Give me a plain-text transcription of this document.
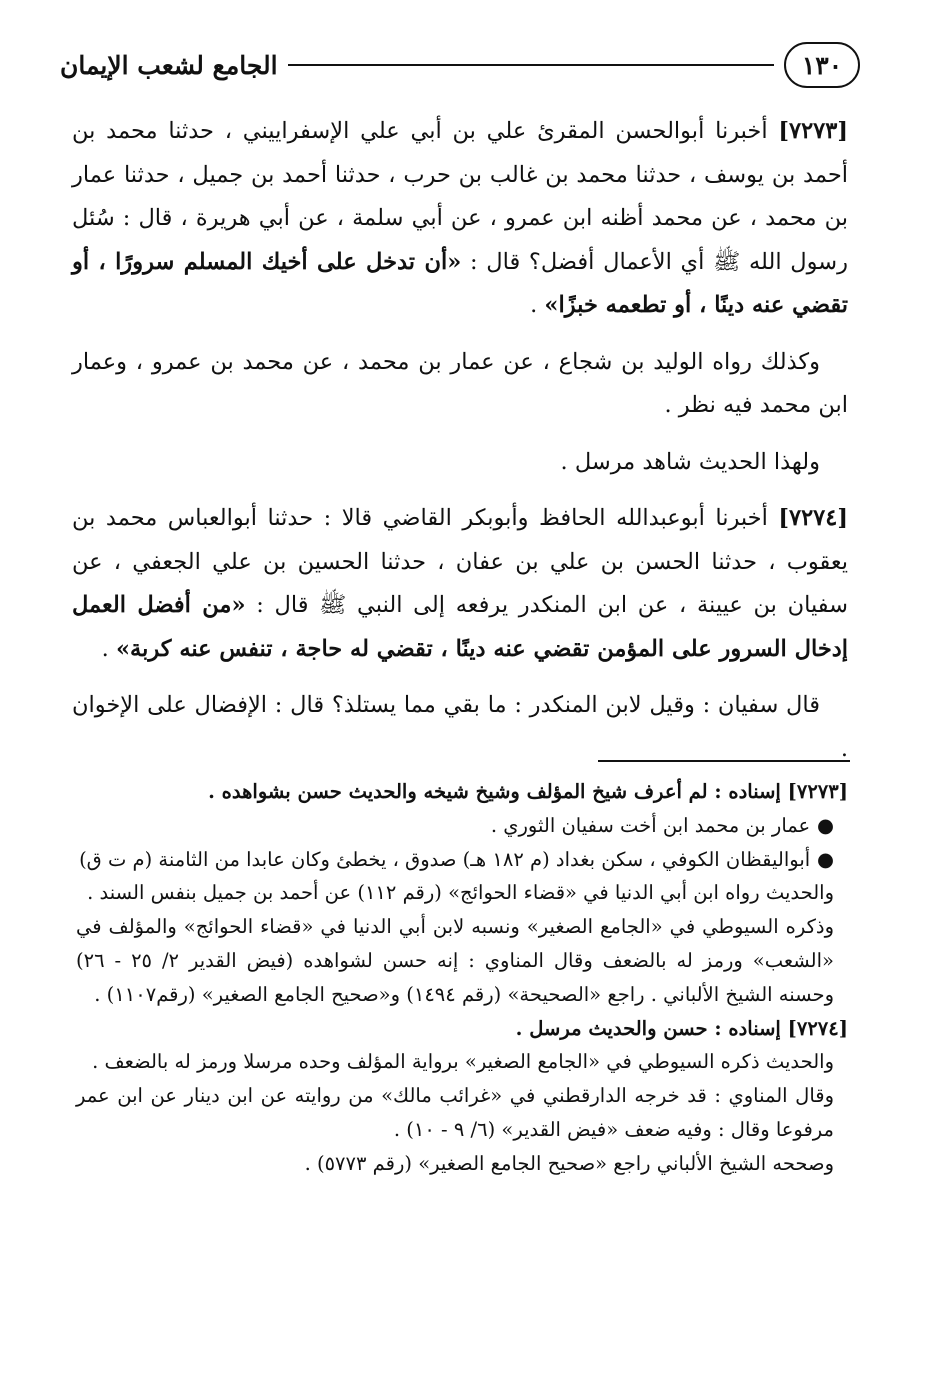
١٣٠
الجامع لشعب الإيمان

[٧٢٧٣] أخبرنا أبوالحسن المقرئ علي بن أبي علي الإسفراييني ، حدثنا محمد بن أحمد بن يوسف ، حدثنا محمد بن غالب بن حرب ، حدثنا أحمد بن جميل ، حدثنا عمار بن محمد ، عن محمد أظنه ابن عمرو ، عن أبي سلمة ، عن أبي هريرة ، قال : سُئل رسول الله ﷺ أي الأعمال أفضل؟ قال : «أن تدخل على أخيك المسلم سرورًا ، أو تقضي عنه دينًا ، أو تطعمه خبزًا» .

وكذلك رواه الوليد بن شجاع ، عن عمار بن محمد ، عن محمد بن عمرو ، وعمار ابن محمد فيه نظر .

ولهذا الحديث شاهد مرسل .

[٧٢٧٤] أخبرنا أبوعبدالله الحافظ وأبوبكر القاضي قالا : حدثنا أبوالعباس محمد بن يعقوب ، حدثنا الحسن بن علي بن عفان ، حدثنا الحسين بن علي الجعفي ، عن سفيان بن عيينة ، عن ابن المنكدر يرفعه إلى النبي ﷺ قال : «من أفضل العمل إدخال السرور على المؤمن تقضي عنه دينًا ، تقضي له حاجة ، تنفس عنه كربة» .

قال سفيان : وقيل لابن المنكدر : ما بقي مما يستلذ؟ قال : الإفضال على الإخوان .

[٧٢٧٣] إسناده : لم أعرف شيخ المؤلف وشيخ شيخه والحديث حسن بشواهده .

● عمار بن محمد ابن أخت سفيان الثوري .

● أبواليقظان الكوفي ، سكن بغداد (م ١٨٢ هـ) صدوق ، يخطئ وكان عابدا من الثامنة (م ت ق)

والحديث رواه ابن أبي الدنيا في «قضاء الحوائج» (رقم ١١٢) عن أحمد بن جميل بنفس السند .

وذكره السيوطي في «الجامع الصغير» ونسبه لابن أبي الدنيا في «قضاء الحوائج» والمؤلف في «الشعب» ورمز له بالضعف وقال المناوي : إنه حسن لشواهده (فيض القدير ٢/ ٢٥ - ٢٦) وحسنه الشيخ الألباني . راجع «الصحيحة» (رقم ١٤٩٤) و«صحيح الجامع الصغير» (رقم١١٠٧) .

[٧٢٧٤] إسناده : حسن والحديث مرسل .

والحديث ذكره السيوطي في «الجامع الصغير» برواية المؤلف وحده مرسلا ورمز له بالضعف .

وقال المناوي : قد خرجه الدارقطني في «غرائب مالك» من روايته عن ابن دينار عن ابن عمر مرفوعا وقال : وفيه ضعف «فيض القدير» (٦/ ٩ - ١٠) .

وصححه الشيخ الألباني راجع «صحيح الجامع الصغير» (رقم ٥٧٧٣) .
